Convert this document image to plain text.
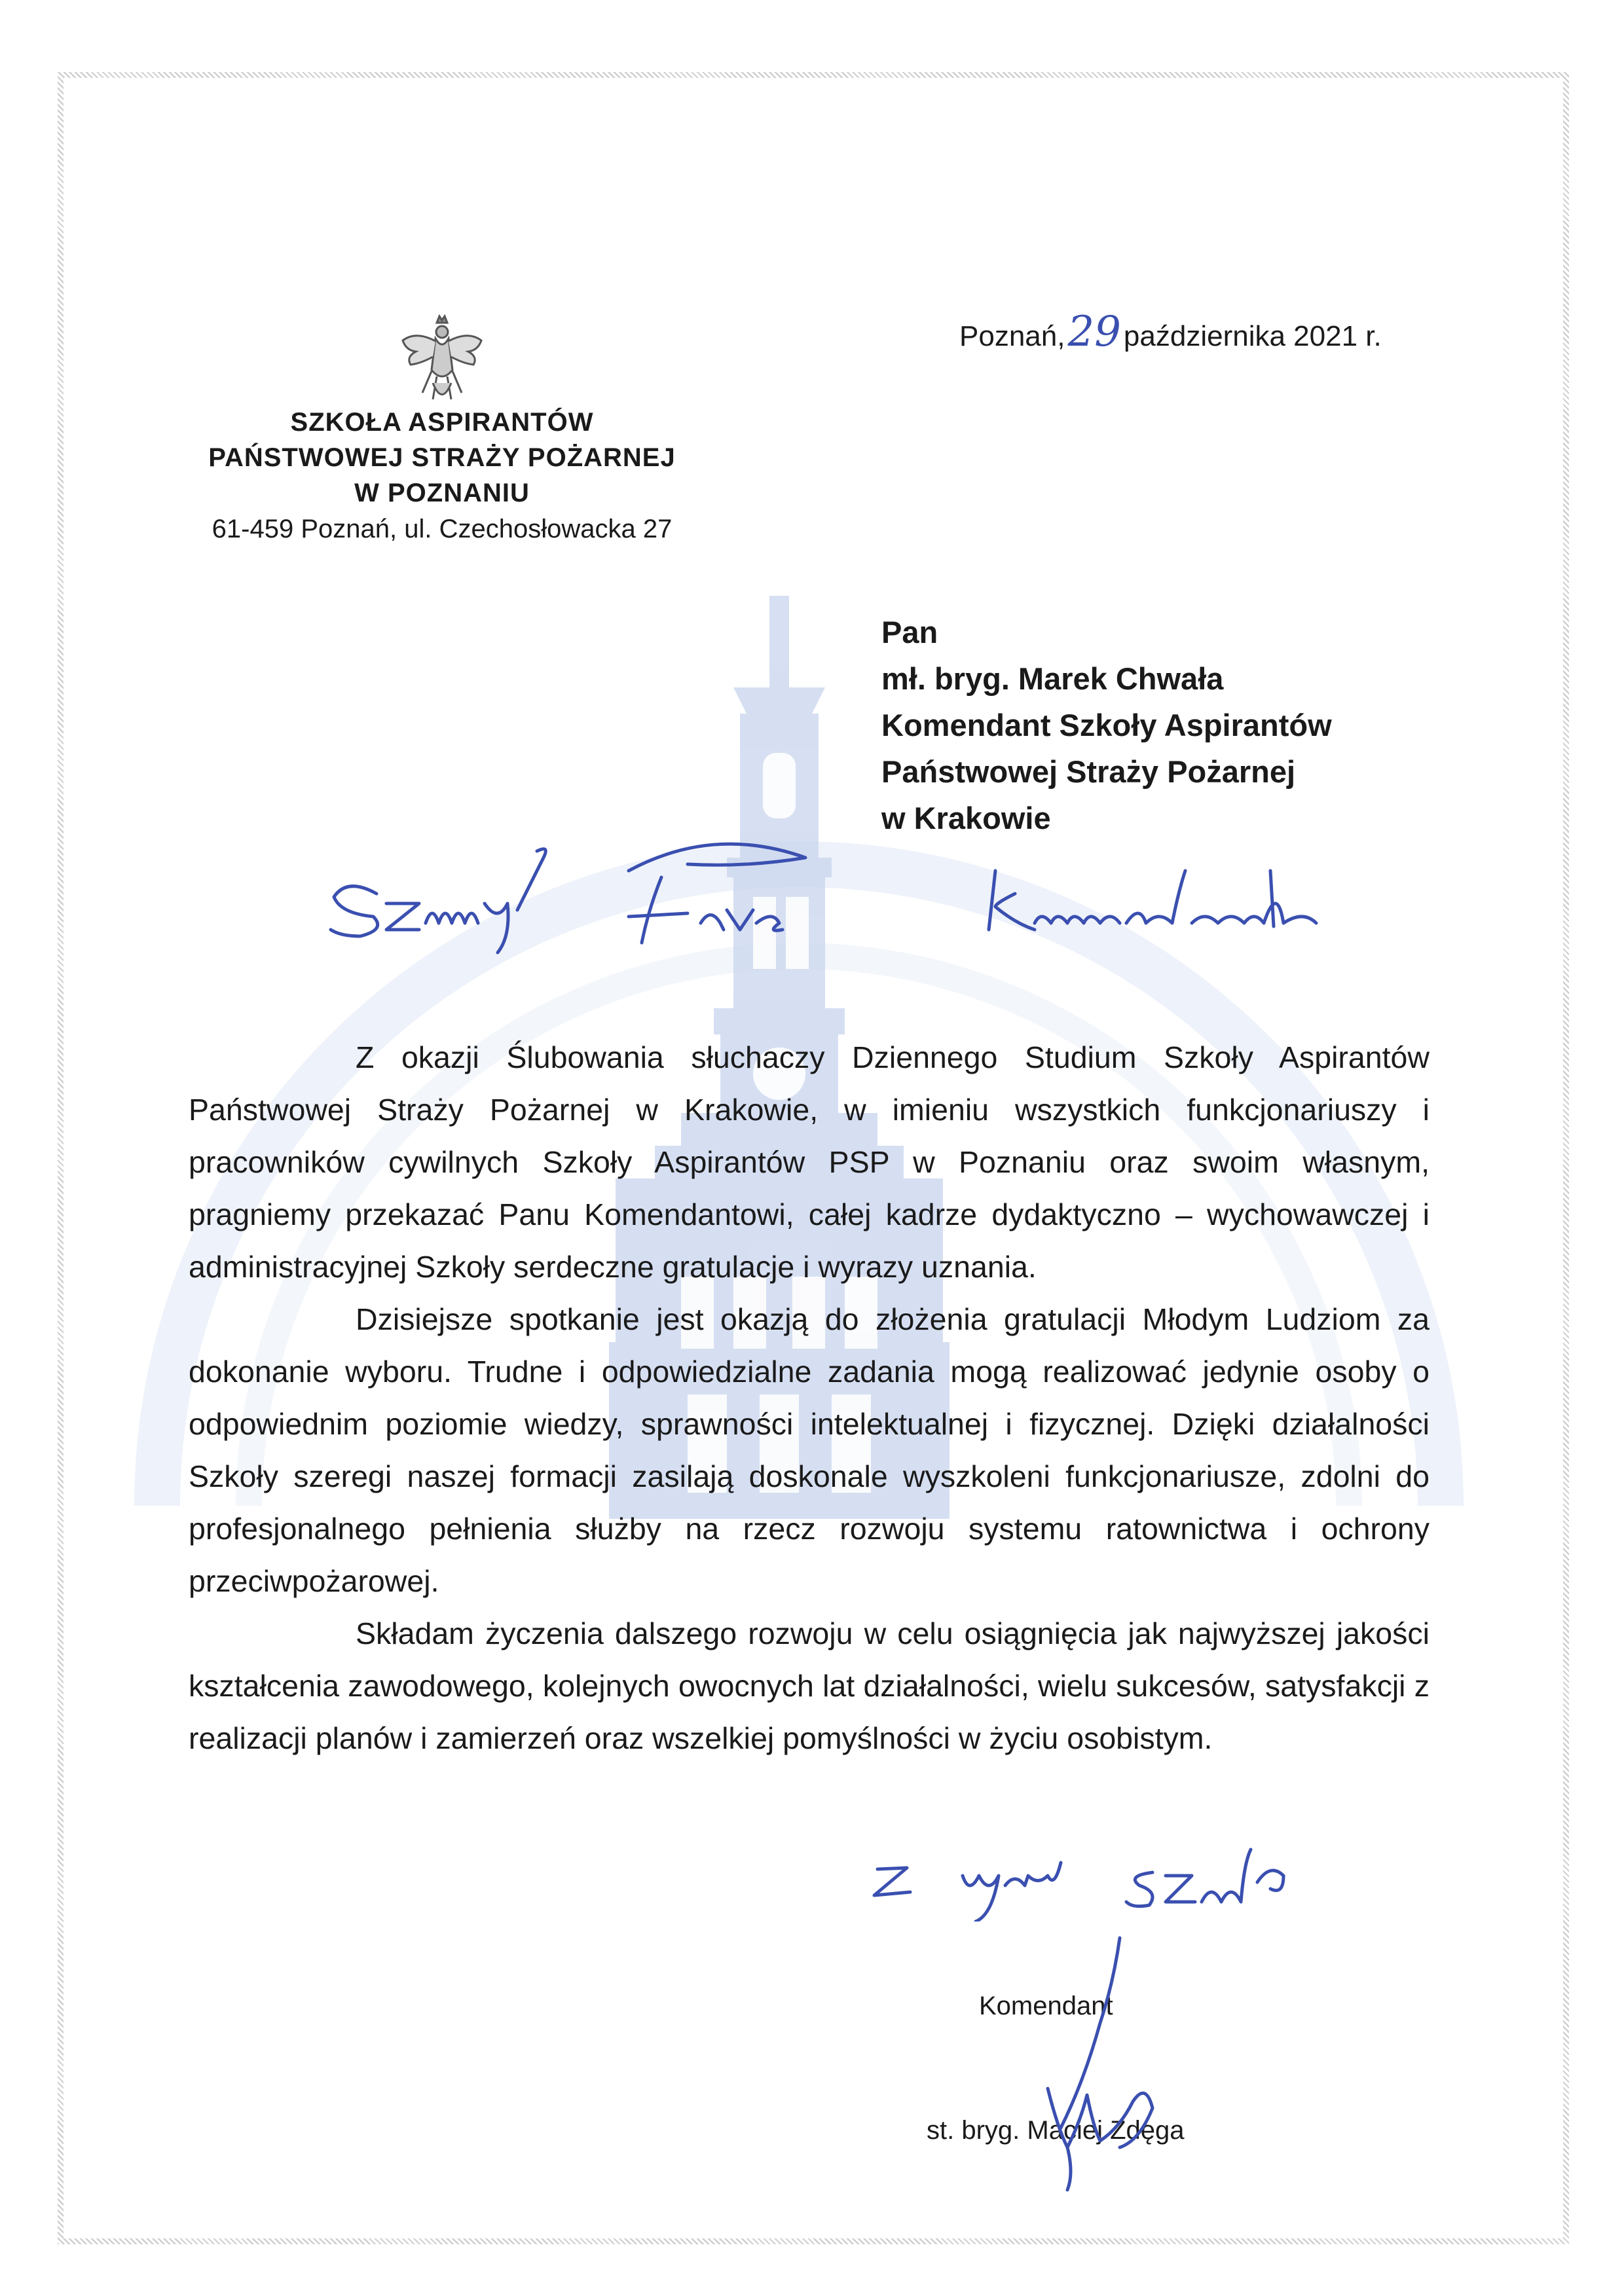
Poznań,29października 2021 r.
SZKOŁA ASPIRANTÓW
PAŃSTWOWEJ STRAŻY POŻARNEJ
W POZNANIU
61-459 Poznań, ul. Czechosłowacka 27
Pan
mł. bryg. Marek Chwała
Komendant Szkoły Aspirantów
Państwowej Straży Pożarnej
w Krakowie

Z okazji Ślubowania słuchaczy Dziennego Studium Szkoły Aspirantów Państwowej Straży Pożarnej w Krakowie, w imieniu wszystkich funkcjonariuszy i pracowników cywilnych Szkoły Aspirantów PSP w Poznaniu oraz swoim własnym, pragniemy przekazać Panu Komendantowi, całej kadrze dydaktyczno – wychowawczej i administracyjnej Szkoły serdeczne gratulacje i wyrazy uznania.

Dzisiejsze spotkanie jest okazją do złożenia gratulacji Młodym Ludziom za dokonanie wyboru. Trudne i odpowiedzialne zadania mogą realizować jedynie osoby o odpowiednim poziomie wiedzy, sprawności intelektualnej i fizycznej. Dzięki działalności Szkoły szeregi naszej formacji zasilają doskonale wyszkoleni funkcjonariusze, zdolni do profesjonalnego pełnienia służby na rzecz rozwoju systemu ratownictwa i ochrony przeciwpożarowej.

Składam życzenia dalszego rozwoju w celu osiągnięcia jak najwyższej jakości kształcenia zawodowego, kolejnych owocnych lat działalności, wielu sukcesów, satysfakcji z realizacji planów i zamierzeń oraz wszelkiej pomyślności w życiu osobistym.

Komendant
st. bryg. Maciej Zdęga
